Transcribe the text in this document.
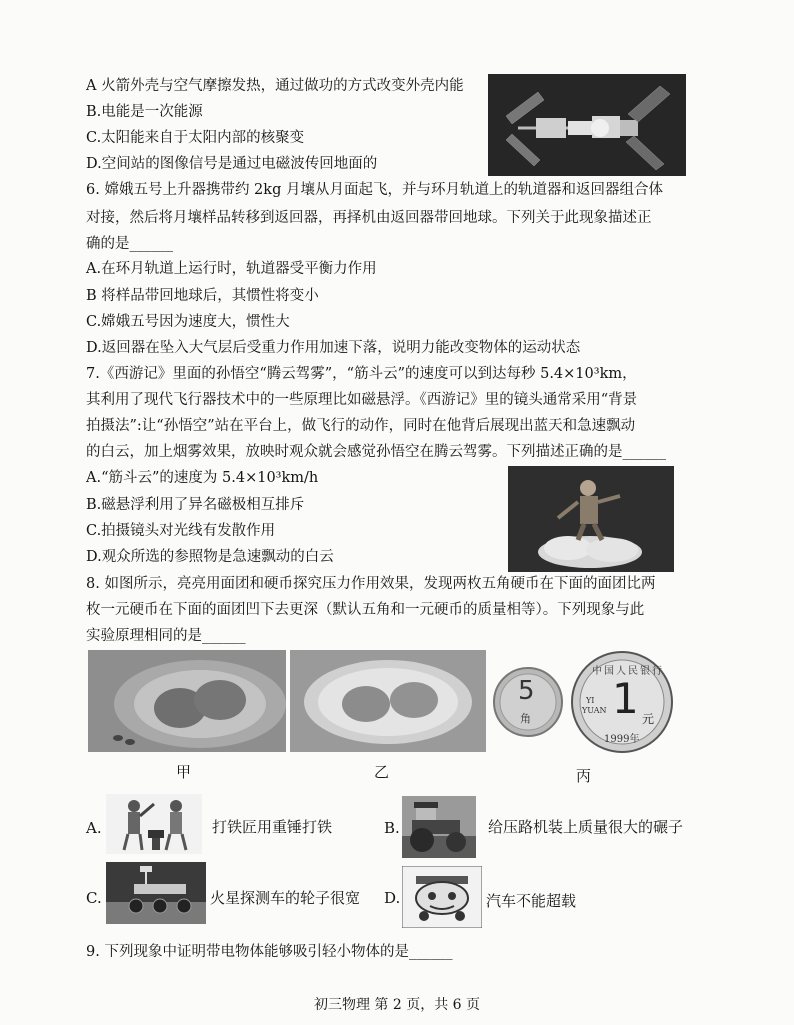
A 火箭外壳与空气摩擦发热，通过做功的方式改变外壳内能
B.电能是一次能源
C.太阳能来自于太阳内部的核聚变
D.空间站的图像信号是通过电磁波传回地面的
6. 嫦娥五号上升器携带约 2kg 月壤从月面起飞，并与环月轨道上的轨道器和返回器组合体
对接，然后将月壤样品转移到返回器，再择机由返回器带回地球。下列关于此现象描述正
确的是______
A.在环月轨道上运行时，轨道器受平衡力作用
B 将样品带回地球后，其惯性将变小
C.嫦娥五号因为速度大，惯性大
D.返回器在坠入大气层后受重力作用加速下落，说明力能改变物体的运动状态
7.《西游记》里面的孙悟空“腾云驾雾”，“筋斗云”的速度可以到达每秒 5.4×10³km，
其利用了现代飞行器技术中的一些原理比如磁悬浮。《西游记》里的镜头通常采用“背景
拍摄法”:让“孙悟空”站在平台上，做飞行的动作，同时在他背后展现出蓝天和急速飘动
的白云，加上烟雾效果，放映时观众就会感觉孙悟空在腾云驾雾。下列描述正确的是______
A.“筋斗云”的速度为 5.4×10³km/h
B.磁悬浮利用了异名磁极相互排斥
C.拍摄镜头对光线有发散作用
D.观众所选的参照物是急速飘动的白云
8. 如图所示，亮亮用面团和硬币探究压力作用效果，发现两枚五角硬币在下面的面团比两
枚一元硬币在下面的面团凹下去更深（默认五角和一元硬币的质量相等）。下列现象与此
实验原理相同的是______
甲	乙
5
角
中国人民银行
1 元
YI
YUAN
1999年
丙
A.	打铁匠用重锤打铁	B.	给压路机装上质量很大的碾子
C.	火星探测车的轮子很宽 D.	汽车不能超载
9. 下列现象中证明带电物体能够吸引轻小物体的是______
初三物理 第 2 页，共 6 页
